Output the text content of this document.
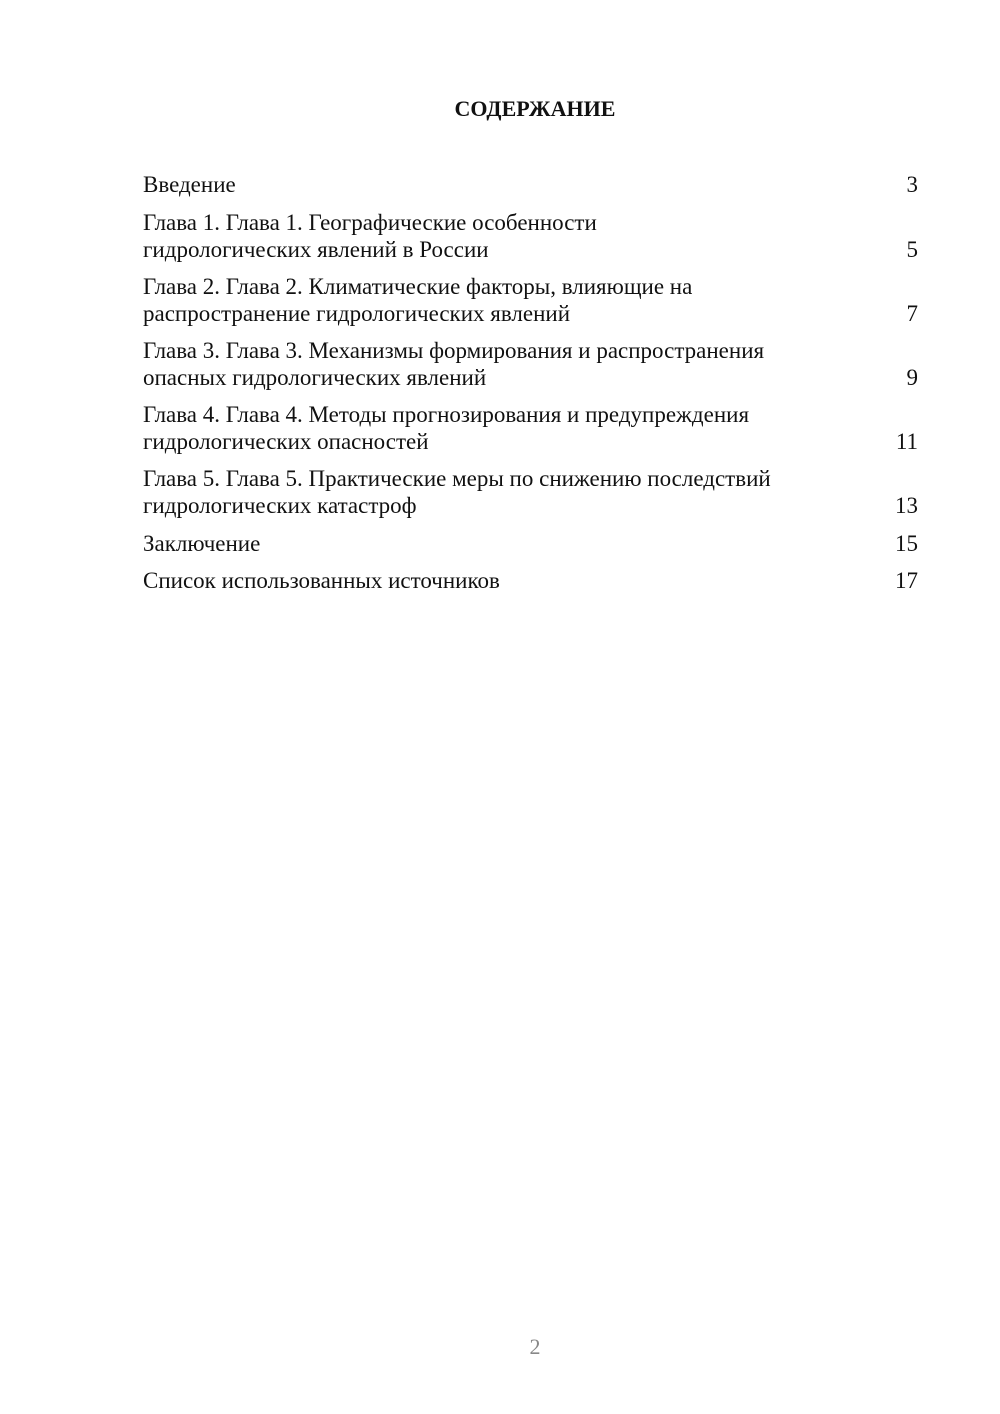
СОДЕРЖАНИЕ
Введение	3
Глава 1. Глава 1. Географические особенности гидрологических явлений в России	5
Глава 2. Глава 2. Климатические факторы, влияющие на распространение гидрологических явлений	7
Глава 3. Глава 3. Механизмы формирования и распространения опасных гидрологических явлений	9
Глава 4. Глава 4. Методы прогнозирования и предупреждения гидрологических опасностей	11
Глава 5. Глава 5. Практические меры по снижению последствий гидрологических катастроф	13
Заключение	15
Список использованных источников	17
2
